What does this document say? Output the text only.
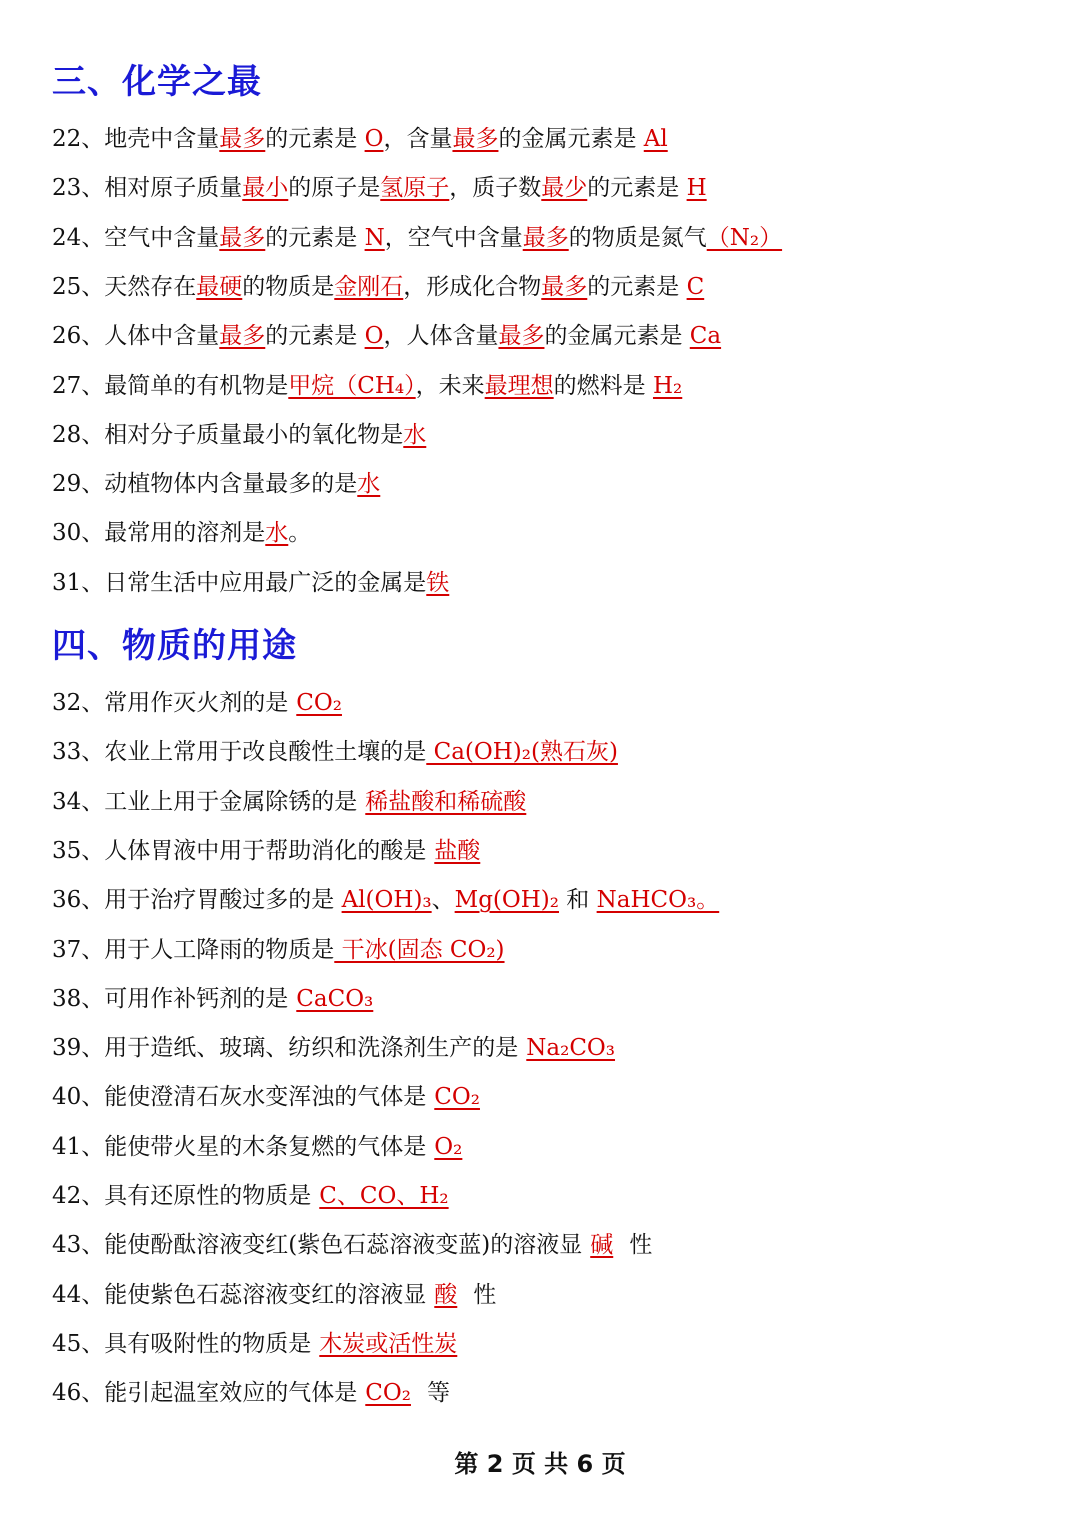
三、化学之最
22、地壳中含量最多的元素是 O，含量最多的金属元素是 Al
23、相对原子质量最小的原子是氢原子，质子数最少的元素是 H
24、空气中含量最多的元素是 N，空气中含量最多的物质是氮气（N₂）
25、天然存在最硬的物质是金刚石，形成化合物最多的元素是 C
26、人体中含量最多的元素是 O，人体含量最多的金属元素是 Ca
27、最简单的有机物是甲烷（CH₄），未来最理想的燃料是 H₂
28、相对分子质量最小的氧化物是水
29、动植物体内含量最多的是水
30、最常用的溶剂是水。
31、日常生活中应用最广泛的金属是铁
四、物质的用途
32、常用作灭火剂的是 CO₂
33、农业上常用于改良酸性土壤的是 Ca(OH)₂(熟石灰)
34、工业上用于金属除锈的是 稀盐酸和稀硫酸
35、人体胃液中用于帮助消化的酸是 盐酸
36、用于治疗胃酸过多的是 Al(OH)₃、Mg(OH)₂ 和 NaHCO₃。
37、用于人工降雨的物质是 干冰(固态 CO₂)
38、可用作补钙剂的是 CaCO₃
39、用于造纸、玻璃、纺织和洗涤剂生产的是 Na₂CO₃
40、能使澄清石灰水变浑浊的气体是 CO₂
41、能使带火星的木条复燃的气体是 O₂
42、具有还原性的物质是 C、CO、H₂
43、能使酚酞溶液变红(紫色石蕊溶液变蓝)的溶液显 碱 性
44、能使紫色石蕊溶液变红的溶液显 酸 性
45、具有吸附性的物质是 木炭或活性炭
46、能引起温室效应的气体是 CO₂ 等
第 2 页 共 6 页
